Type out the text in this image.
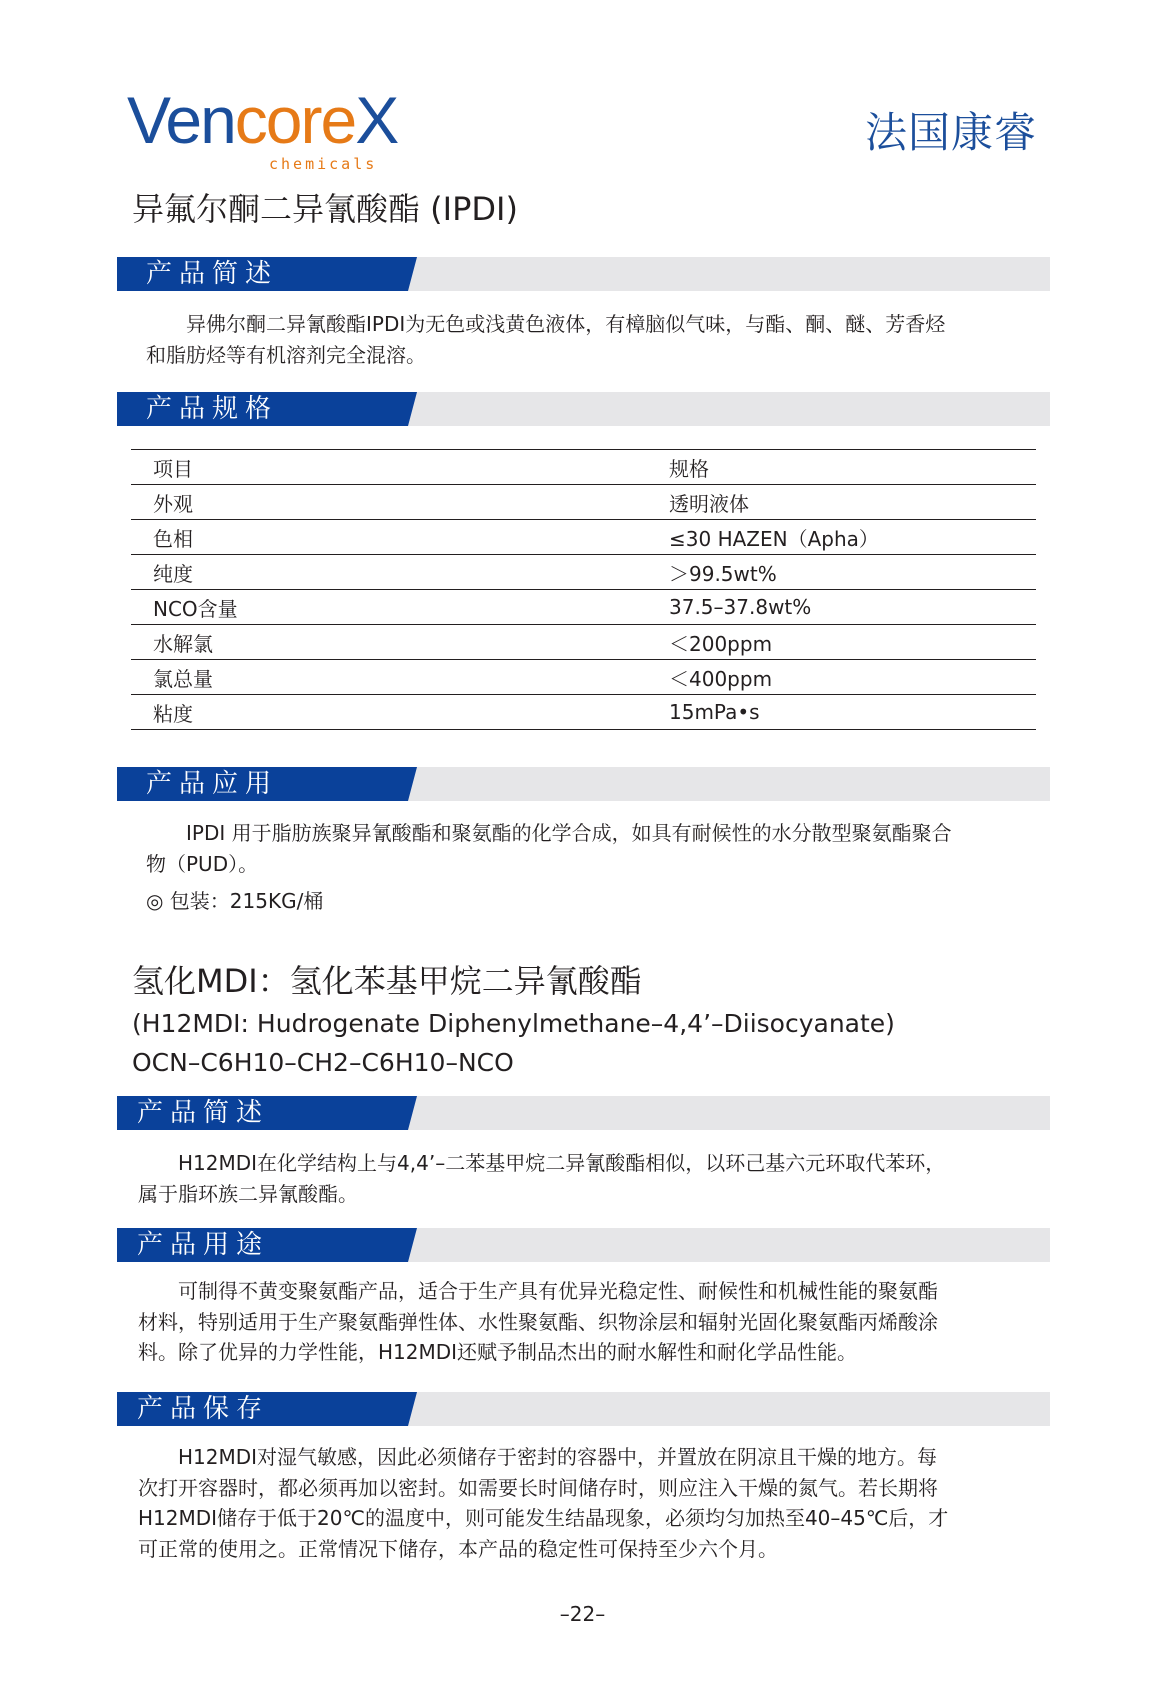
VencoreX
chemicals
法国康睿
异氟尔酮二异氰酸酯 (IPDI)
产品简述
　　异佛尔酮二异氰酸酯IPDI为无色或浅黄色液体，有樟脑似气味，与酯、酮、醚、芳香烃
和脂肪烃等有机溶剂完全混溶。
产品规格
项目	规格
外观	透明液体
色相	≤30 HAZEN（Apha）
纯度	＞99.5wt%
NCO含量	37.5–37.8wt%
水解氯	＜200ppm
氯总量	＜400ppm
粘度	15mPa•s
产品应用
　　IPDI 用于脂肪族聚异氰酸酯和聚氨酯的化学合成，如具有耐候性的水分散型聚氨酯聚合
物（PUD）。
◎ 包装：215KG/桶
氢化MDI：氢化苯基甲烷二异氰酸酯
(H12MDI: Hudrogenate Diphenylmethane–4,4’–Diisocyanate)
OCN–C6H10–CH2–C6H10–NCO
产品简述
　　H12MDI在化学结构上与4,4’–二苯基甲烷二异氰酸酯相似，以环己基六元环取代苯环，
属于脂环族二异氰酸酯。
产品用途
　　可制得不黄变聚氨酯产品，适合于生产具有优异光稳定性、耐候性和机械性能的聚氨酯
材料，特别适用于生产聚氨酯弹性体、水性聚氨酯、织物涂层和辐射光固化聚氨酯丙烯酸涂
料。除了优异的力学性能，H12MDI还赋予制品杰出的耐水解性和耐化学品性能。
产品保存
　　H12MDI对湿气敏感，因此必须储存于密封的容器中，并置放在阴凉且干燥的地方。每
次打开容器时，都必须再加以密封。如需要长时间储存时，则应注入干燥的氮气。若长期将
H12MDI储存于低于20℃的温度中，则可能发生结晶现象，必须均匀加热至40–45℃后，才
可正常的使用之。正常情况下储存，本产品的稳定性可保持至少六个月。
–22–
